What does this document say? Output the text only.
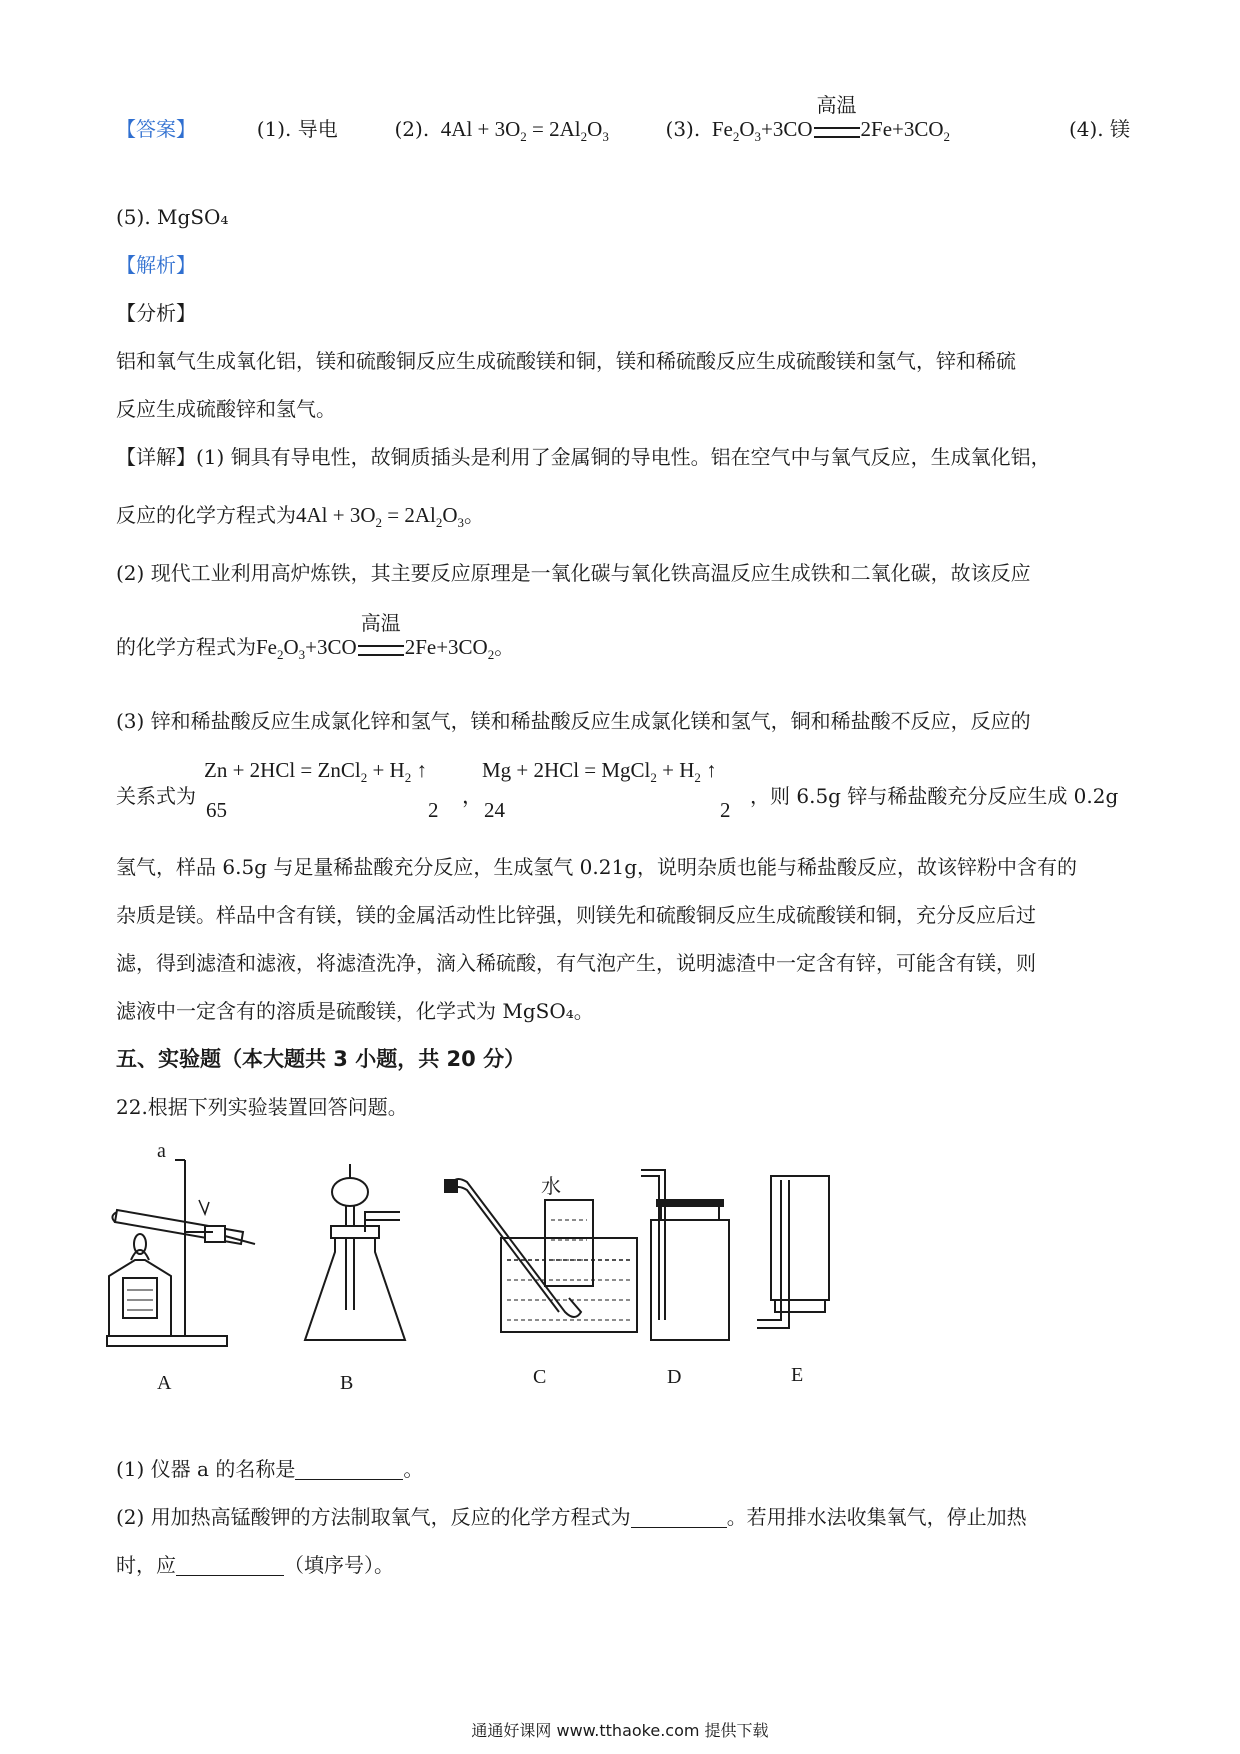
【答案】	(1). 导电	(2). $4Al + 3O_2 = 2Al_2O_3$	(3). $Fe_2O_3+3CO$
高温
$2Fe+3CO_2$	(4). 镁
(5). MgSO₄
【解析】
【分析】
铝和氧气生成氧化铝，镁和硫酸铜反应生成硫酸镁和铜，镁和稀硫酸反应生成硫酸镁和氢气，锌和稀硫
反应生成硫酸锌和氢气。
【详解】(1) 铜具有导电性，故铜质插头是利用了金属铜的导电性。铝在空气中与氧气反应，生成氧化铝，
反应的化学方程式为$4Al + 3O_2 = 2Al_2O_3$。
(2) 现代工业利用高炉炼铁，其主要反应原理是一氧化碳与氧化铁高温反应生成铁和二氧化碳，故该反应
的化学方程式为$Fe_2O_3+3CO$
高温
$2Fe+3CO_2$。
(3) 锌和稀盐酸反应生成氯化锌和氢气，镁和稀盐酸反应生成氯化镁和氢气，铜和稀盐酸不反应，反应的
关系式为
Zn + 2HCl = ZnCl$_2$ + $H_2$ ↑
65	2
，
Mg + 2HCl = MgCl$_2$ + $H_2$ ↑
24	2
，则 6.5g 锌与稀盐酸充分反应生成 0.2g
氢气，样品 6.5g 与足量稀盐酸充分反应，生成氢气 0.21g，说明杂质也能与稀盐酸反应，故该锌粉中含有的
杂质是镁。样品中含有镁，镁的金属活动性比锌强，则镁先和硫酸铜反应生成硫酸镁和铜，充分反应后过
滤，得到滤渣和滤液，将滤渣洗净，滴入稀硫酸，有气泡产生，说明滤渣中一定含有锌，可能含有镁，则
滤液中一定含有的溶质是硫酸镁，化学式为 MgSO₄。
五、实验题（本大题共 3 小题，共 20 分）
22.根据下列实验装置回答问题。
a
水
A	B	C	D	E
(1) 仪器 a 的名称是	。
(2) 用加热高锰酸钾的方法制取氧气，反应的化学方程式为	。若用排水法收集氧气，停止加热
时，应	（填序号）。
通通好课网 www.tthaoke.com 提供下载
